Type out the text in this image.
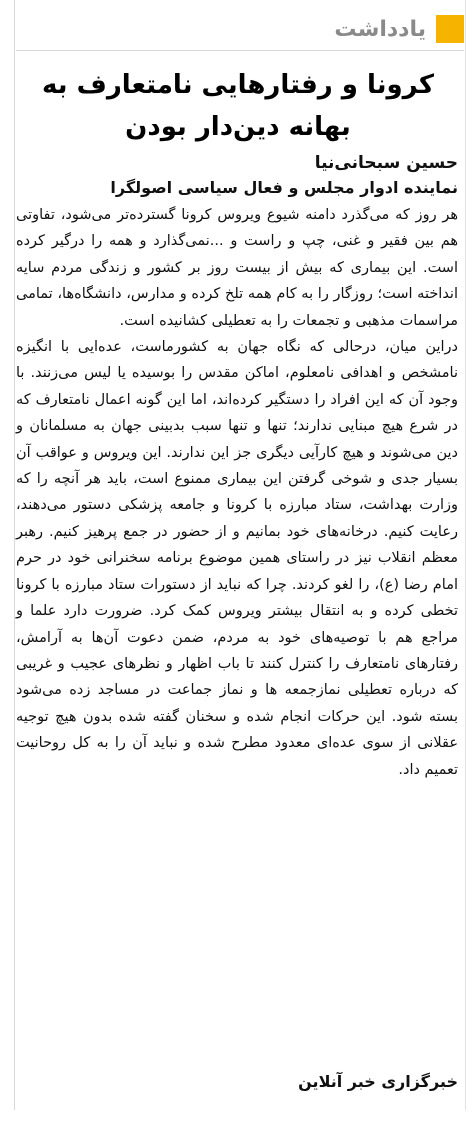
یادداشت
کرونا و رفتارهایی نامتعارف به بهانه دین‌دار بودن
حسین سبحانی‌نیا
نماینده ادوار مجلس و فعال سیاسی اصولگرا

هر روز که می‌گذرد دامنه شیوع ویروس کرونا گسترده‌تر می‌شود، تفاوتی هم بین فقیر و غنی، چپ و راست و ...نمی‌گذارد و همه را درگیر کرده است. این بیماری که بیش از بیست روز بر کشور و زندگی مردم سایه انداخته است؛ روزگار را به کام همه تلخ کرده و مدارس، دانشگاه‌ها، تمامی مراسمات مذهبی و تجمعات را به تعطیلی کشانیده است.

دراین میان، درحالی که نگاه جهان به کشورماست، عده‌ایی با انگیزه نامشخص و اهدافی نامعلوم، اماکن مقدس را بوسیده یا لیس می‌زنند. با وجود آن که این افراد را دستگیر کرده‌اند، اما این گونه اعمال نامتعارف که در شرع هیچ مبنایی ندارند؛ تنها و تنها سبب بدبینی جهان به مسلمانان و دین می‌شوند و هیچ کارآیی دیگری جز این ندارند. این ویروس و عواقب آن بسیار جدی و شوخی گرفتن این بیماری ممنوع است، باید هر آنچه را که وزارت بهداشت، ستاد مبارزه با کرونا و جامعه پزشکی دستور می‌دهند، رعایت کنیم. درخانه‌های خود بمانیم و از حضور در جمع پرهیز کنیم. رهبر معظم انقلاب نیز در راستای همین موضوع برنامه سخنرانی خود در حرم امام رضا (ع)، را لغو کردند. چرا که نباید از دستورات ستاد مبارزه با کرونا تخطی کرده و به انتقال بیشتر ویروس کمک کرد. ضرورت دارد علما و مراجع هم با توصیه‌های خود به مردم، ضمن دعوت آن‌ها به آرامش، رفتارهای نامتعارف را کنترل کنند تا باب اظهار و نظرهای عجیب و غریبی که درباره تعطیلی نمازجمعه ها و نماز جماعت در مساجد زده می‌شود بسته شود. این حرکات انجام شده و سخنان گفته شده بدون هیچ توجیه عقلانی از سوی عده‌ای معدود مطرح شده و نباید آن را به کل روحانیت تعمیم داد.

خبرگزاری خبر آنلاین
